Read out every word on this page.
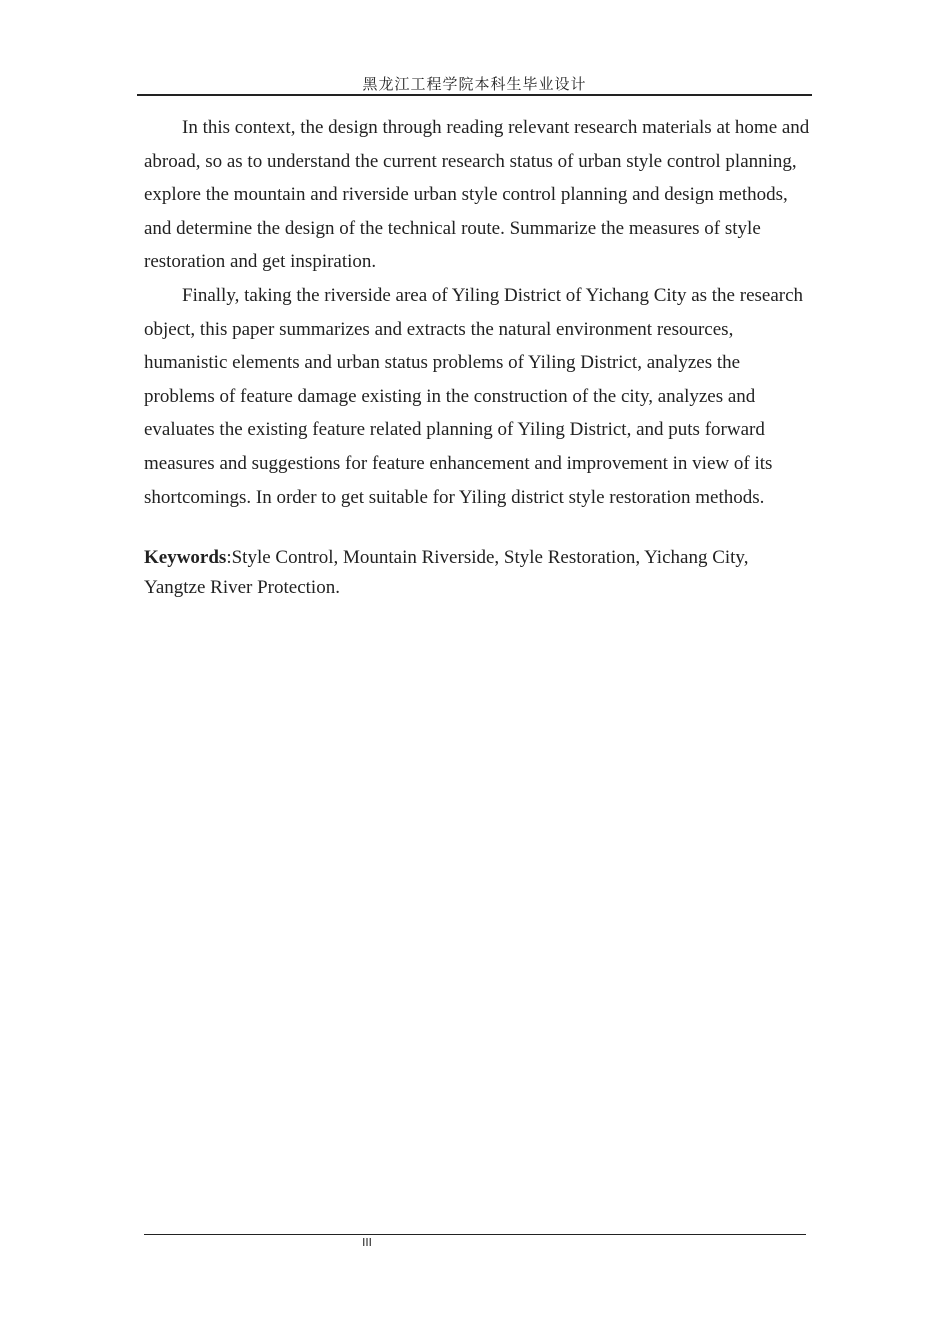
黑龙江工程学院本科生毕业设计

In this context, the design through reading relevant research materials at home and abroad, so as to understand the current research status of urban style control planning, explore the mountain and riverside urban style control planning and design methods, and determine the design of the technical route. Summarize the measures of style restoration and get inspiration.

Finally, taking the riverside area of Yiling District of Yichang City as the research object, this paper summarizes and extracts the natural environment resources, humanistic elements and urban status problems of Yiling District, analyzes the problems of feature damage existing in the construction of the city, analyzes and evaluates the existing feature related planning of Yiling District, and puts forward measures and suggestions for feature enhancement and improvement in view of its shortcomings. In order to get suitable for Yiling district style restoration methods.

Keywords:Style Control, Mountain Riverside, Style Restoration, Yichang City, Yangtze River Protection.

III
